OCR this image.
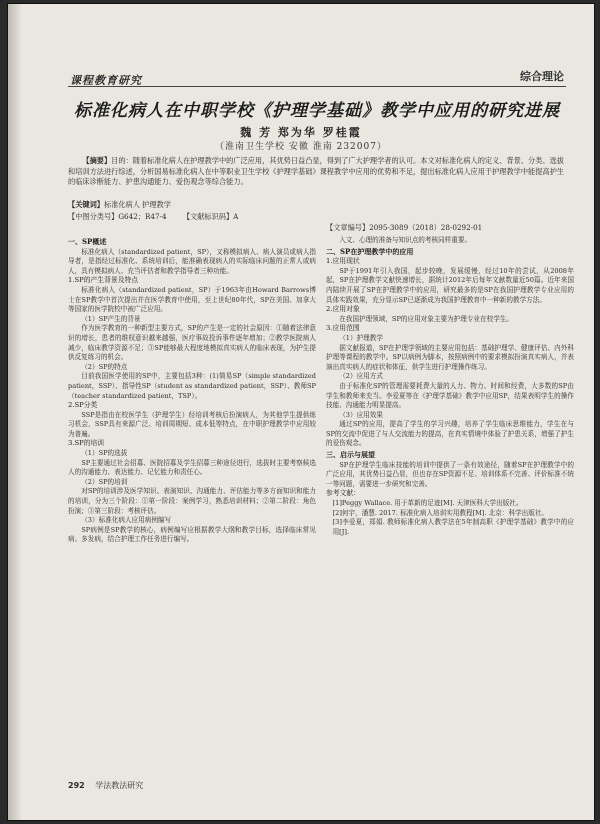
课程教育研究	综合理论
标准化病人在中职学校《护理学基础》教学中应用的研究进展
魏 芳 郑为华 罗桂霞
（淮南卫生学校 安徽 淮南 232007）
【摘要】目的：随着标准化病人在护理教学中的广泛应用，其优势日益凸显，得到了广大护理学者的认可。本文对标准化病人的定义、背景、分类、选拔和培训方法进行综述，分析国易标准化病人在中等职业卫生学校《护理学基础》课程教学中应用的优势和不足，提出标准化病人应用于护理教学中能提高护生的临床诊断能力、护患沟通能力、爱伤观念等综合能力。
【关键词】标准化病人 护理教学
【中图分类号】G642；R47-4 【文献标识码】A
【文章编号】2095-3089（2018）28-0292-01
一、SP概述

标准化病人（standardized patient，SP），又称模拟病人、病人演员或病人指导者，是指经过标准化、系统培训后，能准确表现病人的实际临床问题的正常人或病人，具有模拟病人、充当评估者和教学指导者三种功能。

1.SP的产生背景及特点

标准化病人（standardized patient，SP）于1963年由Howard Barrows博士在SP教学中首次提出并在医学教育中使用，至上世纪80年代，SP在美国、加拿大等国家的医学院校中被广泛应用。

（1）SP产生的背景

作为医学教育的一种新型主要方式，SP的产生是一定的社会原因：①随着法律意识的增长，患者的维权意识越来越强，医疗事故投诉事件逐年增加；②教学医院病人减少，临床教学资源不足；③SP能够最大程度地模拟真实病人的临床表现，为护生提供反复练习的机会。

（2）SP的特点

目前我国医学使用的SP中，主要包括3种：(1)简易SP（simple standardized patient，SSP）、指导性SP（student as standardized patient，SSP）、教师SP（teacher standardized patient，TSP）。

2.SP分类

SSP是指由在校医学生（护理学生）经培训考核后扮演病人，为其他学生提供练习机会，SSP具有来源广泛、培训周期短、成本低等特点，在中职护理教学中应用较为普遍。

3.SP的培训

（1）SP的选拔

SP主要通过社会招募、医院招募及学生招募三种途径进行，选拔时主要考察候选人的沟通能力、表达能力、记忆能力和责任心。

（2）SP的培训

对SP的培训涉及医学知识、表演知识、沟通能力、评估能力等多方面知识和能力的培训，分为三个阶段：①第一阶段：案例学习，熟悉培训材料；②第二阶段：角色扮演；③第三阶段：考核评估。

（3）标准化病人应用病例编写

SP病例是SP教学的核心，病例编写应根据教学大纲和教学目标，选择临床常见病、多发病，结合护理工作任务进行编写。

入文、心理的准备与知识点的考核同样重要。

二、SP在护理教学中的应用
1.应用现状

SP于1991年引入我国，起步较晚，发展缓慢，经过10年的尝试，从2008年起，SP在护理教学文献快速增长，据统计2012年后每年文献数量近50篇。近年来国内陆续开展了SP在护理教学中的应用，研究最多的是SP在我国护理教学专业应用的具体实践效果，充分显示SP已逐渐成为我国护理教育中一种新的教学方法。

2.应用对象

在我国护理领域，SP的应用对象主要为护理专业在校学生。

3.应用范围

（1）护理教学

据文献报道，SP在护理学领域的主要应用包括：基础护理学、健康评估、内外科护理等课程的教学中。SP以病例为脚本，按照病例中的要求模拟扮演真实病人，并表演出真实病人的症状和体征，供学生进行护理操作练习。

（2）应用方式

由于标准化SP的管理需要耗费大量的人力、物力、时间和经费，大多数的SP由学生和教师来充当。李爱夏等在《护理学基础》教学中应用SP，结果表明学生的操作技能、沟通能力明显提高。

（3）应用效果

通过SP的应用，提高了学生的学习兴趣，培养了学生临床思维能力，学生在与SP的交流中促进了与人交流能力的提高，在真实情境中体验了护患关系，增强了护生的爱伤观念。

三、启示与展望

SP在护理学生临床技能的培训中提供了一条有效途径，随着SP在护理教学中的广泛应用，其优势日益凸显，但也存在SP资源不足、培训体系不完善、评价标准不统一等问题，需要进一步研究和完善。

参考文献：

[1]Peggy Wallace. 用于革新的足迹[M]. 天津医科大学出版社。

[2]何宇，潘慧. 2017. 标准化病人培训实用教程[M]. 北京：科学出版社。

[3]李爱夏，郑娟. 教师标准化病人教学法在5年制高职《护理学基础》教学中的应用[J].

292 学法教法研究
